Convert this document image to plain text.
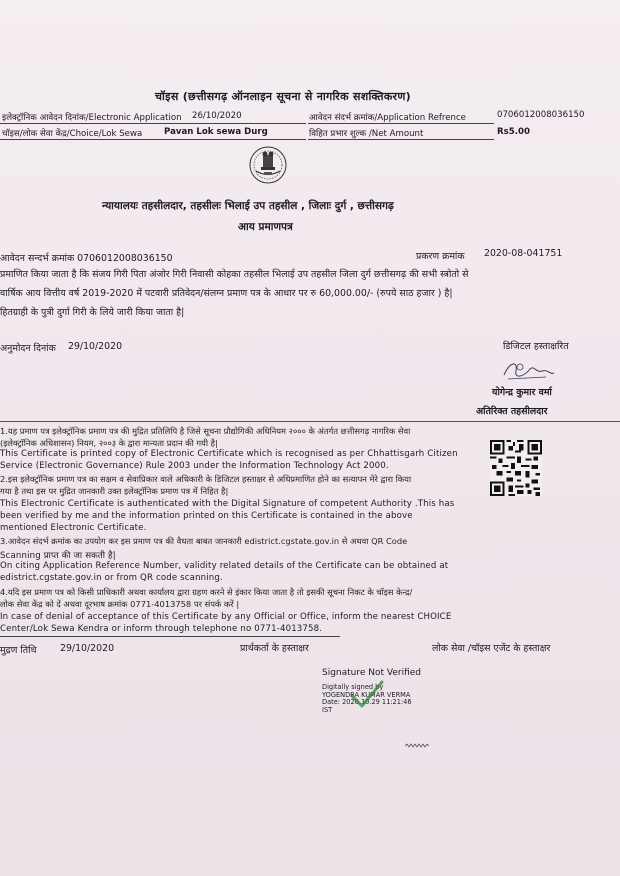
चॉइस (छत्तीसगढ़ ऑनलाइन सूचना से नागरिक सशक्तिकरण)
इलेक्ट्रॉनिक आवेदन दिनांक/Electronic Application 26/10/2020	आवेदन संदर्भ क्रमांक/Application Refrence	0706012008036150
चॉइस/लोक सेवा केंद्र/Choice/Lok Sewa	Pavan Lok sewa Durg	विहित प्रभार शुल्क /Net Amount	Rs5.00
न्यायालयः तहसीलदार, तहसीलः भिलाई उप तहसील , जिलाः दुर्ग , छत्तीसगढ़
आय प्रमाणपत्र
आवेदन सन्दर्भ क्रमांक 0706012008036150	प्रकरण क्रमांक 2020-08-041751
प्रमाणित किया जाता है कि संजय गिरी पिता अंजोर गिरी निवासी कोहका तहसील भिलाई उप तहसील जिला दुर्ग छत्तीसगढ़ की सभी स्त्रोतो से
वार्षिक आय वित्तीय वर्ष 2019-2020 में पटवारी प्रतिवेदन/संलग्न प्रमाण पत्र के आधार पर रु 60,000.00/- (रुपये साठ हजार ) है|
हितग्राही के पुत्री दुर्गा गिरी के लिये जारी किया जाता है|
अनुमोदन दिनांक 29/10/2020	डिजिटल हस्ताक्षरित
योगेन्द्र कुमार वर्मा
अतिरिक्त तहसीलदार
1.यह प्रमाण पत्र इलेक्ट्रॉनिक प्रमाण पत्र की मुद्रित प्रतिलिपि है जिसे सूचना प्रौद्योगिकी अधिनियम २००० के अंतर्गत छत्तीसगढ़ नागरिक सेवा
(इलेक्ट्रॉनिक अधिशासन) नियम, २००३ के द्वारा मान्यता प्रदान की गयी है|
This Certificate is printed copy of Electronic Certificate which is recognised as per Chhattisgarh Citizen
Service (Electronic Governance) Rule 2003 under the Information Technology Act 2000.
2.इस इलेक्ट्रॉनिक प्रमाण पत्र का सक्षम व सेवाप्रिकार वाले अधिकारी के डिजिटल हस्ताक्षर से अधिप्रमाणित होने का सत्यापन मेरे द्वारा किया
गया है तथा इस पर मुद्रित जानकारी उक्त इलेक्ट्रॉनिक प्रमाण पत्र में निहित है|
This Electronic Certificate is authenticated with the Digital Signature of competent Authority .This has
been verified by me and the information printed on this Certificate is contained in the above
mentioned Electronic Certificate.
3.आवेदन संदर्भ क्रमांक का उपयोग कर इस प्रमाण पत्र की वैधता बाबत जानकारी edistrict.cgstate.gov.in से अथवा QR Code
Scanning प्राप्त की जा सकती है|
On citing Application Reference Number, validity related details of the Certificate can be obtained at
edistrict.cgstate.gov.in or from QR code scanning.
4.यदि इस प्रमाण पत्र को किसी प्राधिकारी अथवा कार्यालय द्वारा ग्रहण करने से इंकार किया जाता है तो इसकी सूचना निकट के चॉइस केन्द्र/
लोक सेवा केंद्र को दें अथवा दूरभाष क्रमांक 0771-4013758 पर संपर्क करें |
In case of denial of acceptance of this Certificate by any Official or Office, inform the nearest CHOICE
Center/Lok Sewa Kendra or inform through telephone no 0771-4013758.
मुद्रण तिथि 29/10/2020	प्रार्थकर्ता के हस्ताक्षर	लोक सेवा /चॉइस एजेंट के हस्ताक्षर
Signature Not Verified
Digitally signed by
YOGENDRA KUMAR VERMA
Date: 2020.10.29 11:21:46
IST
